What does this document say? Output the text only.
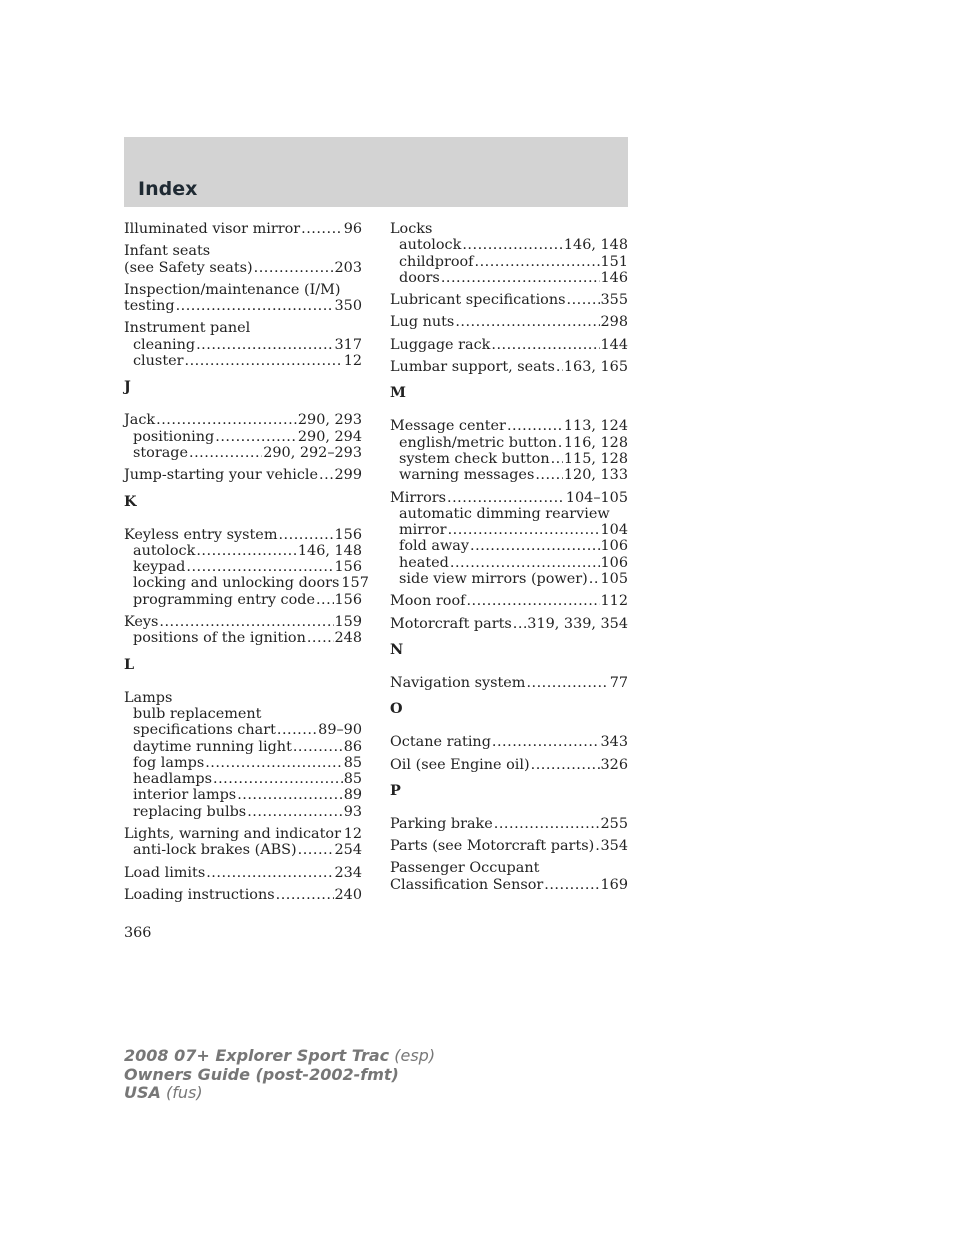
Index
Illuminated visor mirror .....	96
Infant seats
(see Safety seats) .....	203
Inspection/maintenance (I/M)
testing .....	350
Instrument panel
cleaning .....	317
cluster .....	12
J
Jack .....	290, 293
positioning .....	290, 294
storage .....	290, 292–293
Jump-starting your vehicle ..... 299
K
Keyless entry system .....	156
autolock .....	146, 148
keypad .....	156
locking and unlocking doors 157
programming entry code ..... 156
Keys .....	159
positions of the ignition ..... 248
L
Lamps
bulb replacement
specifications chart .....	89–90
daytime running light .....	86
fog lamps .....	85
headlamps .....	85
interior lamps .....	89
replacing bulbs .....	93
Lights, warning and indicator ..... 12
anti-lock brakes (ABS) .....	254
Load limits .....	234
Loading instructions .....	240
Locks
autolock .....	146, 148
childproof .....	151
doors .....	146
Lubricant specifications ..... 355
Lug nuts .....	298
Luggage rack .....	144
Lumbar support, seats ..... 163, 165
M
Message center .....	113, 124
english/metric button ..... 116, 128
system check button ..... 115, 128
warning messages ..... 120, 133
Mirrors .....	104–105
automatic dimming rearview
mirror .....	104
fold away .....	106
heated .....	106
side view mirrors (power) ..... 105
Moon roof .....	112
Motorcraft parts ..... 319, 339, 354
N
Navigation system .....	77
O
Octane rating .....	343
Oil (see Engine oil) .....	326
P
Parking brake .....	255
Parts (see Motorcraft parts) ..... 354
Passenger Occupant
Classification Sensor .....	169
366
2008 07+ Explorer Sport Trac (esp)
Owners Guide (post-2002-fmt)
USA (fus)
